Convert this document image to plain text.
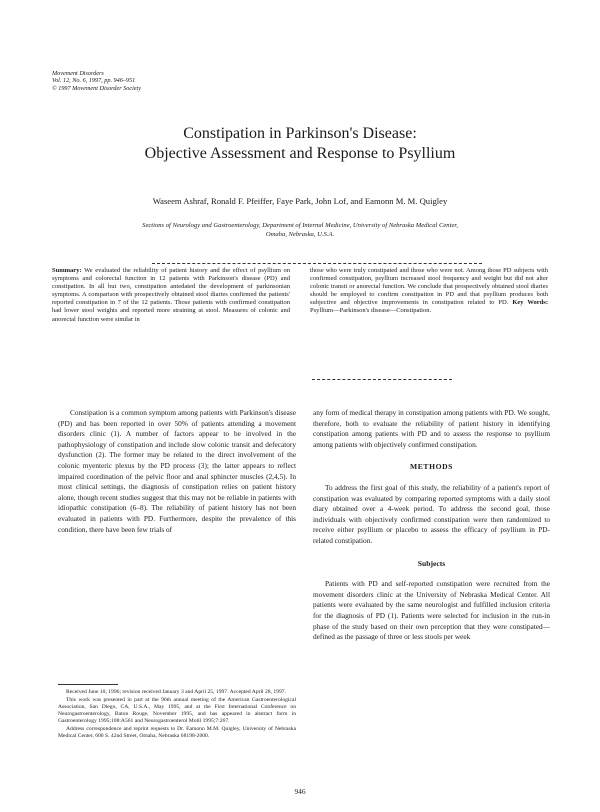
Movement Disorders
Vol. 12, No. 6, 1997, pp. 946–951
© 1997 Movement Disorder Society
Constipation in Parkinson's Disease:
Objective Assessment and Response to Psyllium
Waseem Ashraf, Ronald F. Pfeiffer, Faye Park, John Lof, and Eamonn M. M. Quigley
Sections of Neurology and Gastroenterology, Department of Internal Medicine, University of Nebraska Medical Center,
Omaha, Nebraska, U.S.A.
Summary: We evaluated the reliability of patient history and the effect of psyllium on symptoms and colorectal function in 12 patients with Parkinson's disease (PD) and constipation. In all but two, constipation antedated the development of parkinsonian symptoms. A comparison with prospectively obtained stool diaries confirmed the patients' reported constipation in 7 of the 12 patients. Those patients with confirmed constipation had lower stool weights and reported more straining at stool. Measures of colonic and anorectal function were similar in
those who were truly constipated and those who were not. Among those PD subjects with confirmed constipation, psyllium increased stool frequency and weight but did not alter colonic transit or anorectal function. We conclude that prospectively obtained stool diaries should be employed to confirm constipation in PD and that psyllium produces both subjective and objective improvements in constipation related to PD. Key Words: Psyllium—Parkinson's disease—Constipation.

Constipation is a common symptom among patients with Parkinson's disease (PD) and has been reported in over 50% of patients attending a movement disorders clinic (1). A number of factors appear to be involved in the pathophysiology of constipation and include slow colonic transit and defecatory dysfunction (2). The former may be related to the direct involvement of the colonic myenteric plexus by the PD process (3); the latter appears to reflect impaired coordination of the pelvic floor and anal sphincter muscles (2,4,5). In most clinical settings, the diagnosis of constipation relies on patient history alone, though recent studies suggest that this may not be reliable in patients with idiopathic constipation (6–8). The reliability of patient history has not been evaluated in patients with PD. Furthermore, despite the prevalence of this condition, there have been few trials of

Received June 10, 1996; revision received January 3 and April 25, 1997. Accepted April 28, 1997.

This work was presented in part at the 96th annual meeting of the American Gastroenterological Association, San Diego, CA, U.S.A., May 1995, and at the First International Conference on Neurogastroenterology, Baton Rouge, November 1995, and has appeared in abstract form in Gastroenterology 1995;108:A561 and Neurogastroenterol Motil 1995;7:267.

Address correspondence and reprint requests to Dr. Eamonn M.M. Quigley, University of Nebraska Medical Center, 600 S. 42nd Street, Omaha, Nebraska 68198-2000.

any form of medical therapy in constipation among patients with PD. We sought, therefore, both to evaluate the reliability of patient history in identifying constipation among patients with PD and to assess the response to psyllium among patients with objectively confirmed constipation.

METHODS

To address the first goal of this study, the reliability of a patient's report of constipation was evaluated by comparing reported symptoms with a daily stool diary obtained over a 4-week period. To address the second goal, those individuals with objectively confirmed constipation were then randomized to receive either psyllium or placebo to assess the efficacy of psyllium in PD-related constipation.

Subjects

Patients with PD and self-reported constipation were recruited from the movement disorders clinic at the University of Nebraska Medical Center. All patients were evaluated by the same neurologist and fulfilled inclusion criteria for the diagnosis of PD (1). Patients were selected for inclusion in the run-in phase of the study based on their own perception that they were constipated—defined as the passage of three or less stools per week

946
